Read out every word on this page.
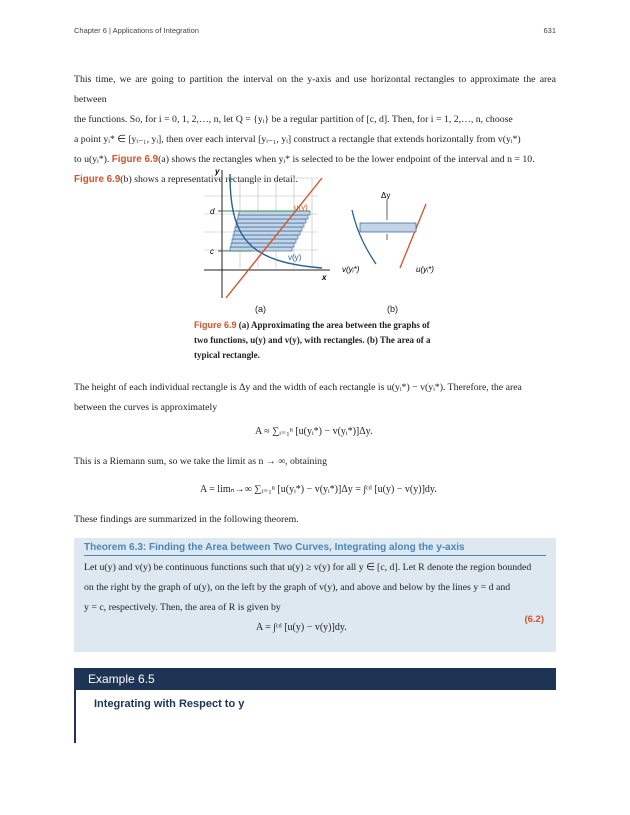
Chapter 6 | Applications of Integration	631
This time, we are going to partition the interval on the y-axis and use horizontal rectangles to approximate the area between
the functions. So, for i = 0, 1, 2,…, n, let Q = {yᵢ} be a regular partition of [c, d]. Then, for i = 1, 2,…, n, choose
a point yᵢ* ∈ [yᵢ₋₁, yᵢ], then over each interval [yᵢ₋₁, yᵢ] construct a rectangle that extends horizontally from v(yᵢ*)
to u(yᵢ*). Figure 6.9(a) shows the rectangles when yᵢ* is selected to be the lower endpoint of the interval and n = 10.
Figure 6.9(b) shows a representative rectangle in detail.
y
x
d
c
u(y)
v(y)
Δy
v(yᵢ*)	u(yᵢ*)
(a)	(b)
Figure 6.9 (a) Approximating the area between the graphs of two functions, u(y) and v(y), with rectangles. (b) The area of a typical rectangle.
The height of each individual rectangle is Δy and the width of each rectangle is u(yᵢ*) − v(yᵢ*). Therefore, the area
between the curves is approximately
A ≈ ∑ᵢ₌₁ⁿ [u(yᵢ*) − v(yᵢ*)]Δy.
This is a Riemann sum, so we take the limit as n → ∞, obtaining
A = limₙ→∞ ∑ᵢ₌₁ⁿ [u(yᵢ*) − v(yᵢ*)]Δy = ∫ᶜᵈ [u(y) − v(y)]dy.
These findings are summarized in the following theorem.
Theorem 6.3: Finding the Area between Two Curves, Integrating along the y-axis
Let u(y) and v(y) be continuous functions such that u(y) ≥ v(y) for all y ∈ [c, d]. Let R denote the region bounded
on the right by the graph of u(y), on the left by the graph of v(y), and above and below by the lines y = d and
y = c, respectively. Then, the area of R is given by
A = ∫ᶜᵈ [u(y) − v(y)]dy.
(6.2)
Example 6.5
Integrating with Respect to y
